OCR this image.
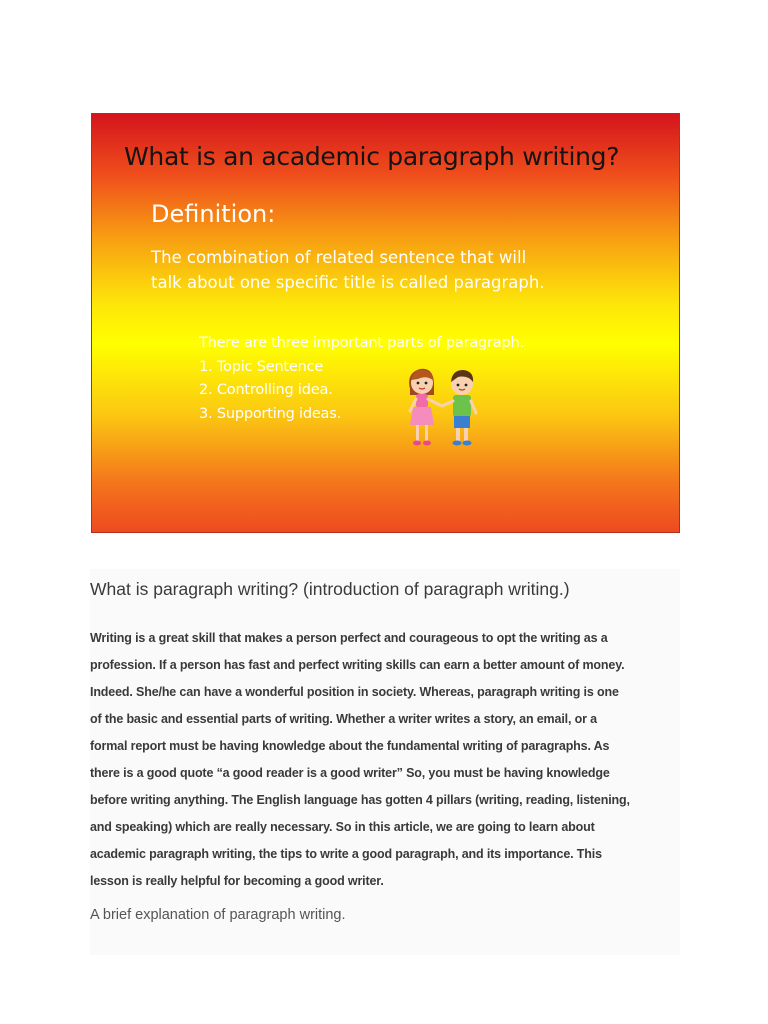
What is an academic paragraph writing?
Definition:
The combination of related sentence that will
talk about one specific title is called paragraph.
There are three important parts of paragraph.
1. Topic Sentence
2. Controlling idea.
3. Supporting ideas.
What is paragraph writing? (introduction of paragraph writing.)
Writing is a great skill that makes a person perfect and courageous to opt the writing as a
profession. If a person has fast and perfect writing skills can earn a better amount of money.
Indeed. She/he can have a wonderful position in society. Whereas, paragraph writing is one
of the basic and essential parts of writing. Whether a writer writes a story, an email, or a
formal report must be having knowledge about the fundamental writing of paragraphs. As
there is a good quote “a good reader is a good writer” So, you must be having knowledge
before writing anything. The English language has gotten 4 pillars (writing, reading, listening,
and speaking) which are really necessary. So in this article, we are going to learn about
academic paragraph writing, the tips to write a good paragraph, and its importance. This
lesson is really helpful for becoming a good writer.
A brief explanation of paragraph writing.
